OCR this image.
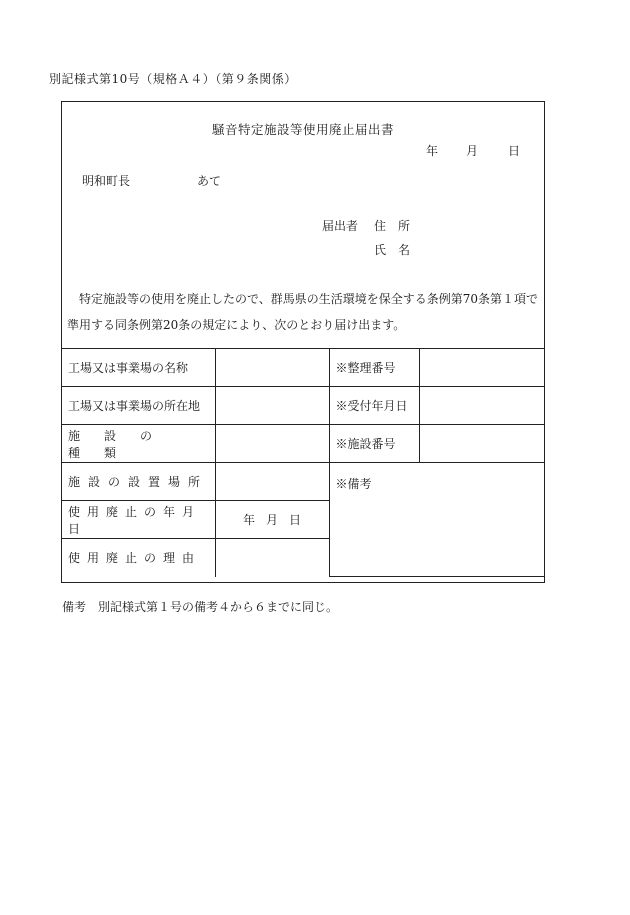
別記様式第10号（規格Ａ４）（第９条関係）
騒音特定施設等使用廃止届出書
年 月 日
明和町長	あて
届出者 住　所
氏　名
特定施設等の使用を廃止したので、群馬県の生活環境を保全する条例第70条第１項で準用する同条例第20条の規定により、次のとおり届け出ます。
工場又は事業場の名称		※整理番号	

工場又は事業場の所在地		※受付年月日	

施設の種類		※施設番号	

施設の設置場所		※備考	

使用廃止の年月日	年 月 日		

使用廃止の理由			

備考　別記様式第１号の備考４から６までに同じ。
